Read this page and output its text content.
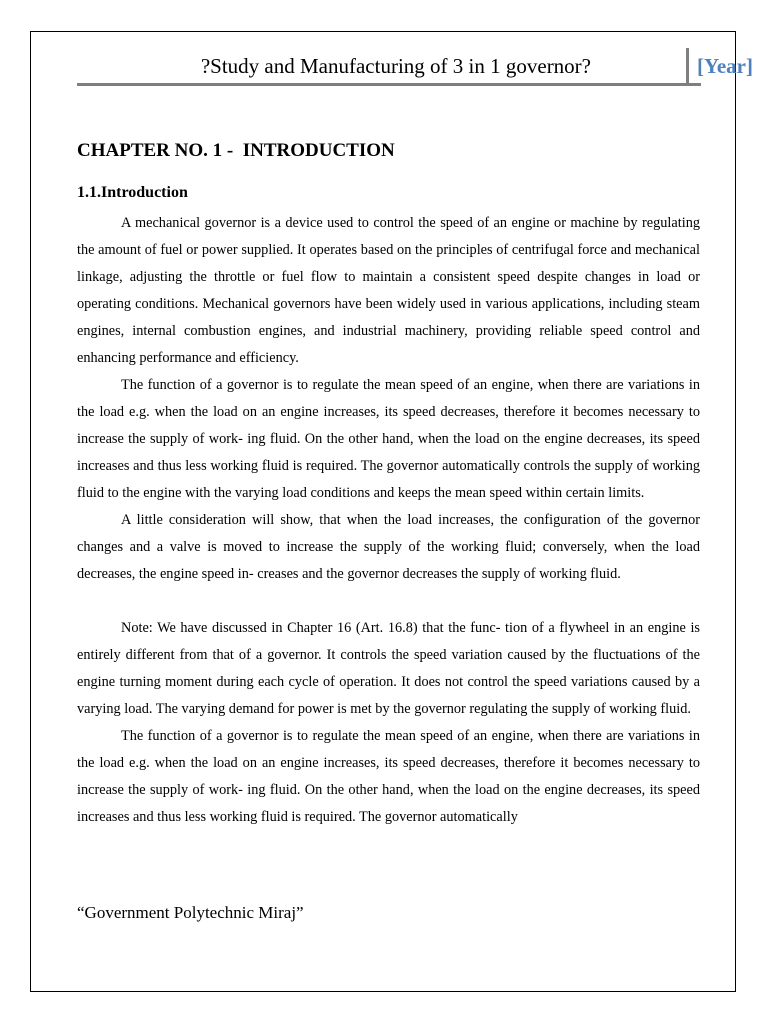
?Study and Manufacturing of 3 in 1 governor?	[Year]
CHAPTER NO. 1 -  INTRODUCTION
1.1.Introduction

A mechanical governor is a device used to control the speed of an engine or machine by regulating the amount of fuel or power supplied. It operates based on the principles of centrifugal force and mechanical linkage, adjusting the throttle or fuel flow to maintain a consistent speed despite changes in load or operating conditions. Mechanical governors have been widely used in various applications, including steam engines, internal combustion engines, and industrial machinery, providing reliable speed control and enhancing performance and efficiency.

The function of a governor is to regulate the mean speed of an engine, when there are variations in the load e.g. when the load on an engine increases, its speed decreases, therefore it becomes necessary to increase the supply of work- ing fluid. On the other hand, when the load on the engine decreases, its speed increases and thus less working fluid is required. The governor automatically controls the supply of working fluid to the engine with the varying load conditions and keeps the mean speed within certain limits.

A little consideration will show, that when the load increases, the configuration of the governor changes and a valve is moved to increase the supply of the working fluid; conversely, when the load decreases, the engine speed in- creases and the governor decreases the supply of working fluid.

Note: We have discussed in Chapter 16 (Art. 16.8) that the func- tion of a flywheel in an engine is entirely different from that of a governor. It controls the speed variation caused by the fluctuations of the engine turning moment during each cycle of operation. It does not control the speed variations caused by a varying load. The varying demand for power is met by the governor regulating the supply of working fluid.

The function of a governor is to regulate the mean speed of an engine, when there are variations in the load e.g. when the load on an engine increases, its speed decreases, therefore it becomes necessary to increase the supply of work- ing fluid. On the other hand, when the load on the engine decreases, its speed increases and thus less working fluid is required. The governor automatically

“Government Polytechnic Miraj”
